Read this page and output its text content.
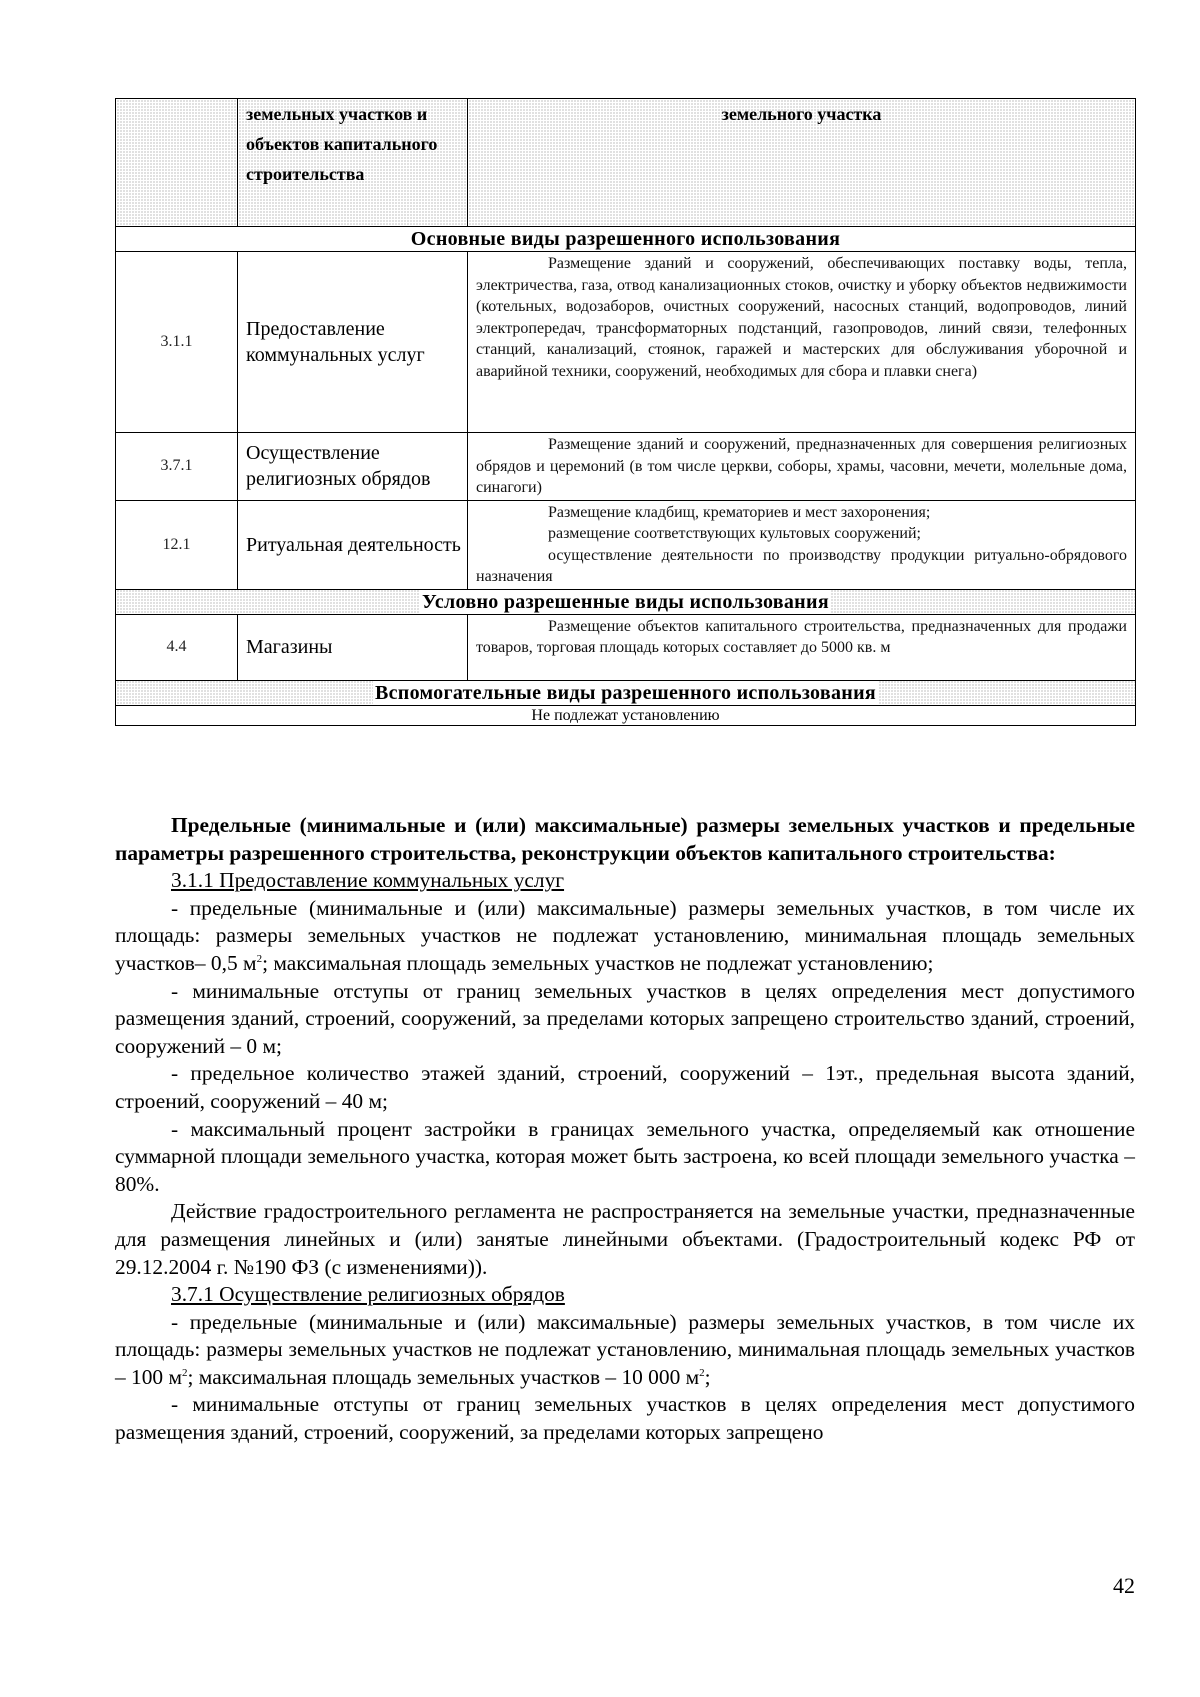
	земельных участков и объектов капитального строительства	земельного участка
Основные виды разрешенного использования		
3.1.1	Предоставление коммунальных услуг	Размещение зданий и сооружений, обеспечивающих поставку воды, тепла, электричества, газа, отвод канализационных стоков, очистку и уборку объектов недвижимости (котельных, водозаборов, очистных сооружений, насосных станций, водопроводов, линий электропередач, трансформаторных подстанций, газопроводов, линий связи, телефонных станций, канализаций, стоянок, гаражей и мастерских для обслуживания уборочной и аварийной техники, сооружений, необходимых для сбора и плавки снега)

3.7.1	Осуществление религиозных обрядов	Размещение зданий и сооружений, предназначенных для совершения религиозных обрядов и церемоний (в том числе церкви, соборы, храмы, часовни, мечети, молельные дома, синагоги)

12.1	Ритуальная деятельность	Размещение кладбищ, крематориев и мест захоронения;

размещение соответствующих культовых сооружений;

осуществление деятельности по производству продукции ритуально-обрядового назначения

Условно разрешенные виды использования		
4.4	Магазины	Размещение объектов капитального строительства, предназначенных для продажи товаров, торговая площадь которых составляет до 5000 кв. м

Вспомогательные виды разрешенного использования		
Не подлежат установлению		

Предельные (минимальные и (или) максимальные) размеры земельных участков и предельные параметры разрешенного строительства, реконструкции объектов капитального строительства:

3.1.1 Предоставление коммунальных услуг

- предельные (минимальные и (или) максимальные) размеры земельных участков, в том числе их площадь: размеры земельных участков не подлежат установлению, минимальная площадь земельных участков– 0,5 $м^2$; максимальная площадь земельных участков не подлежат установлению;

- минимальные отступы от границ земельных участков в целях определения мест допустимого размещения зданий, строений, сооружений, за пределами которых запрещено строительство зданий, строений, сооружений – 0 м;

- предельное количество этажей зданий, строений, сооружений – 1эт., предельная высота зданий, строений, сооружений – 40 м;

- максимальный процент застройки в границах земельного участка, определяемый как отношение суммарной площади земельного участка, которая может быть застроена, ко всей площади земельного участка – 80%.

Действие градостроительного регламента не распространяется на земельные участки, предназначенные для размещения линейных и (или) занятые линейными объектами. (Градостроительный кодекс РФ от 29.12.2004 г. №190 ФЗ (с изменениями)).

3.7.1 Осуществление религиозных обрядов

- предельные (минимальные и (или) максимальные) размеры земельных участков, в том числе их площадь: размеры земельных участков не подлежат установлению, минимальная площадь земельных участков – 100 $м^2$; максимальная площадь земельных участков – 10 000 $м^2$;

- минимальные отступы от границ земельных участков в целях определения мест допустимого размещения зданий, строений, сооружений, за пределами которых запрещено

42
